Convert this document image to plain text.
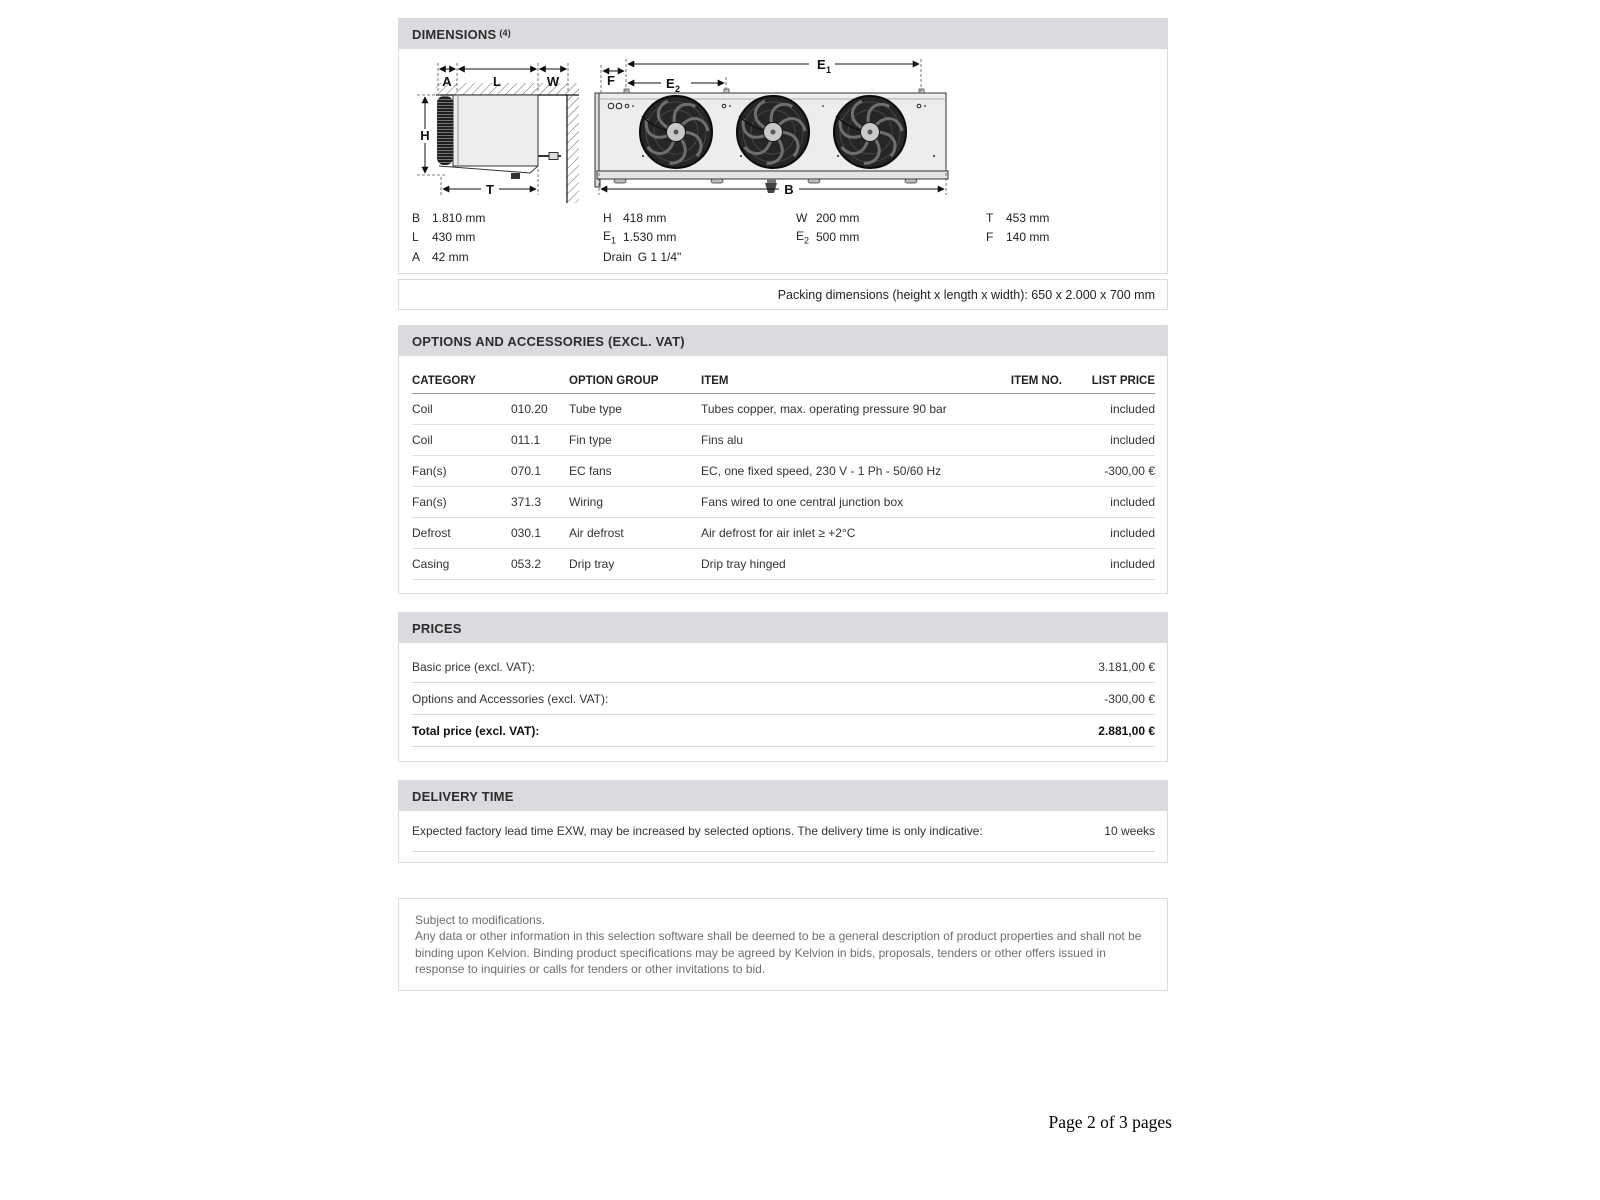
DIMENSIONS (4)
A	L	W
H
T
E 1
F	E 2
B
B 1.810 mm	H 418 mm	W 200 mm	T	453 mm
L	430 mm	$E_1$ 1.530 mm	$E_2$ 500 mm	F	140 mm
A 42 mm	Drain G 1 1/4"
Packing dimensions (height x length x width): 650 x 2.000 x 700 mm
OPTIONS AND ACCESSORIES (EXCL. VAT)
CATEGORY	OPTION GROUP	ITEM	ITEM NO.	LIST PRICE
Coil	010.20	Tube type	Tubes copper, max. operating pressure 90 bar	included
Coil	011.1	Fin type	Fins alu	included
Fan(s)	070.1	EC fans	EC, one fixed speed, 230 V - 1 Ph - 50/60 Hz	-300,00 €
Fan(s)	371.3	Wiring	Fans wired to one central junction box	included
Defrost	030.1	Air defrost	Air defrost for air inlet ≥ +2°C	included
Casing	053.2	Drip tray	Drip tray hinged	included
PRICES
Basic price (excl. VAT):	3.181,00 €
Options and Accessories (excl. VAT):	-300,00 €
Total price (excl. VAT):	2.881,00 €
DELIVERY TIME
Expected factory lead time EXW, may be increased by selected options. The delivery time is only indicative:	10 weeks
Subject to modifications.
Any data or other information in this selection software shall be deemed to be a general description of product properties and shall not be binding upon Kelvion. Binding product specifications may be agreed by Kelvion in bids, proposals, tenders or other offers issued in response to inquiries or calls for tenders or other invitations to bid.
Page 2 of 3 pages
